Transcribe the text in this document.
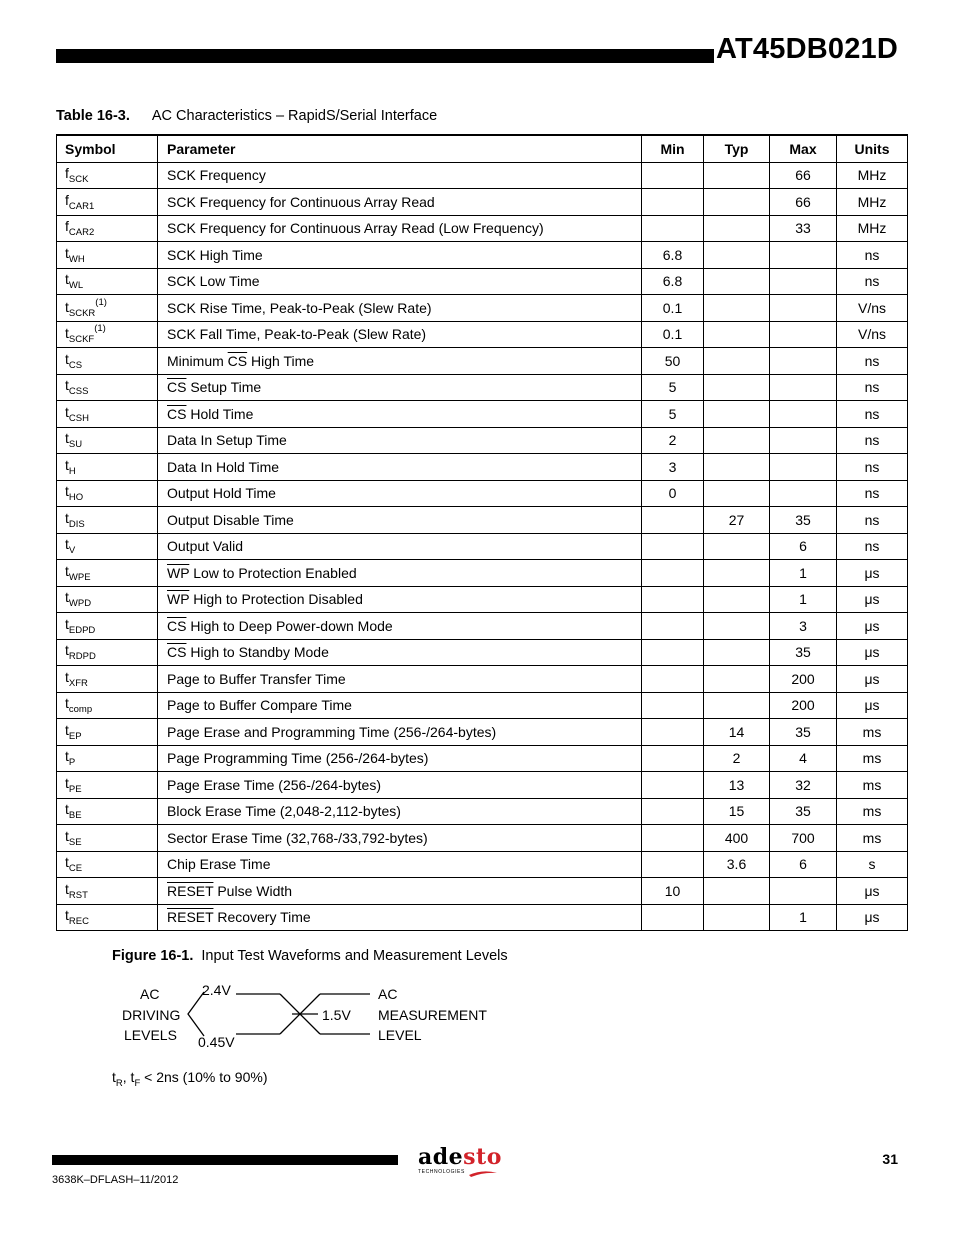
AT45DB021D
Table 16-3. AC Characteristics – RapidS/Serial Interface
Symbol	Parameter	Min	Typ	Max	Units
$f_{SCK}$	SCK Frequency			66	MHz
$f_{CAR1}$	SCK Frequency for Continuous Array Read			66	MHz
$f_{CAR2}$	SCK Frequency for Continuous Array Read (Low Frequency)			33	MHz
$t_{WH}$	SCK High Time	6.8			ns
$t_{WL}$	SCK Low Time	6.8			ns
$t_{SCKR}^{(1)}$	SCK Rise Time, Peak-to-Peak (Slew Rate)	0.1			V/ns
$t_{SCKF}^{(1)}$	SCK Fall Time, Peak-to-Peak (Slew Rate)	0.1			V/ns
$t_{CS}$	Minimum $\overline{CS}$ High Time	50			ns
$t_{CSS}$	$\overline{CS}$ Setup Time	5			ns
$t_{CSH}$	$\overline{CS}$ Hold Time	5			ns
$t_{SU}$	Data In Setup Time	2			ns
$t_H$	Data In Hold Time	3			ns
$t_{HO}$	Output Hold Time	0			ns
$t_{DIS}$	Output Disable Time		27	35	ns
$t_V$	Output Valid			6	ns
$t_{WPE}$	$\overline{WP}$ Low to Protection Enabled			1	μs
$t_{WPD}$	$\overline{WP}$ High to Protection Disabled			1	μs
$t_{EDPD}$	$\overline{CS}$ High to Deep Power-down Mode			3	μs
$t_{RDPD}$	$\overline{CS}$ High to Standby Mode			35	μs
$t_{XFR}$	Page to Buffer Transfer Time			200	μs
$t_{comp}$	Page to Buffer Compare Time			200	μs
$t_{EP}$	Page Erase and Programming Time (256-/264-bytes)		14	35	ms
$t_P$	Page Programming Time (256-/264-bytes)		2	4	ms
$t_{PE}$	Page Erase Time (256-/264-bytes)		13	32	ms
$t_{BE}$	Block Erase Time (2,048-2,112-bytes)		15	35	ms
$t_{SE}$	Sector Erase Time (32,768-/33,792-bytes)		400	700	ms
$t_{CE}$	Chip Erase Time		3.6	6	s
$t_{RST}$	RESET Pulse Width	10			μs
$t_{REC}$	RESET Recovery Time			1	μs
Figure 16-1. Input Test Waveforms and Measurement Levels
AC
DRIVING
LEVELS
2.4V
0.45V
1.5V
AC
MEASUREMENT
LEVEL
$t_R$, $t_F < 2ns$ (10% to 90%)
3638K–DFLASH–11/2012
31
adesto
TECHNOLOGIES
